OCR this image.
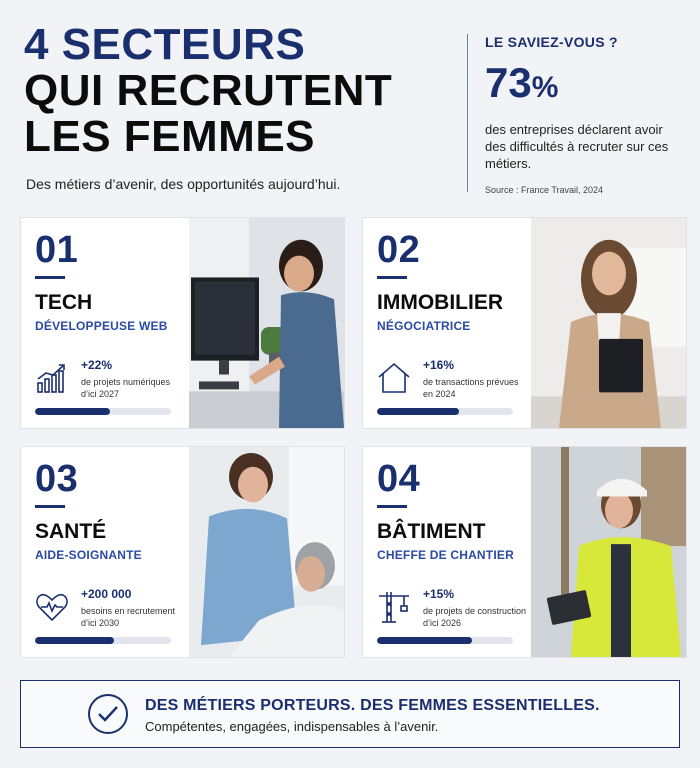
4 SECTEURS
QUI RECRUTENT
LES FEMMES
Des métiers d’avenir, des opportunités aujourd’hui.
LE SAVIEZ-VOUS ?
73%
des entreprises déclarent avoir des difficultés à recruter sur ces métiers.
Source : France Travail, 2024
01
TECH
DÉVELOPPEUSE WEB
+22%
de projets numériques d’ici 2027
02
IMMOBILIER
NÉGOCIATRICE
+16%
de transactions prévues en 2024
03
SANTÉ
AIDE-SOIGNANTE
+200 000
besoins en recrutement d’ici 2030
04
BÂTIMENT
CHEFFE DE CHANTIER
+15%
de projets de construction d’ici 2026
DES MÉTIERS PORTEURS. DES FEMMES ESSENTIELLES.
Compétentes, engagées, indispensables à l’avenir.
